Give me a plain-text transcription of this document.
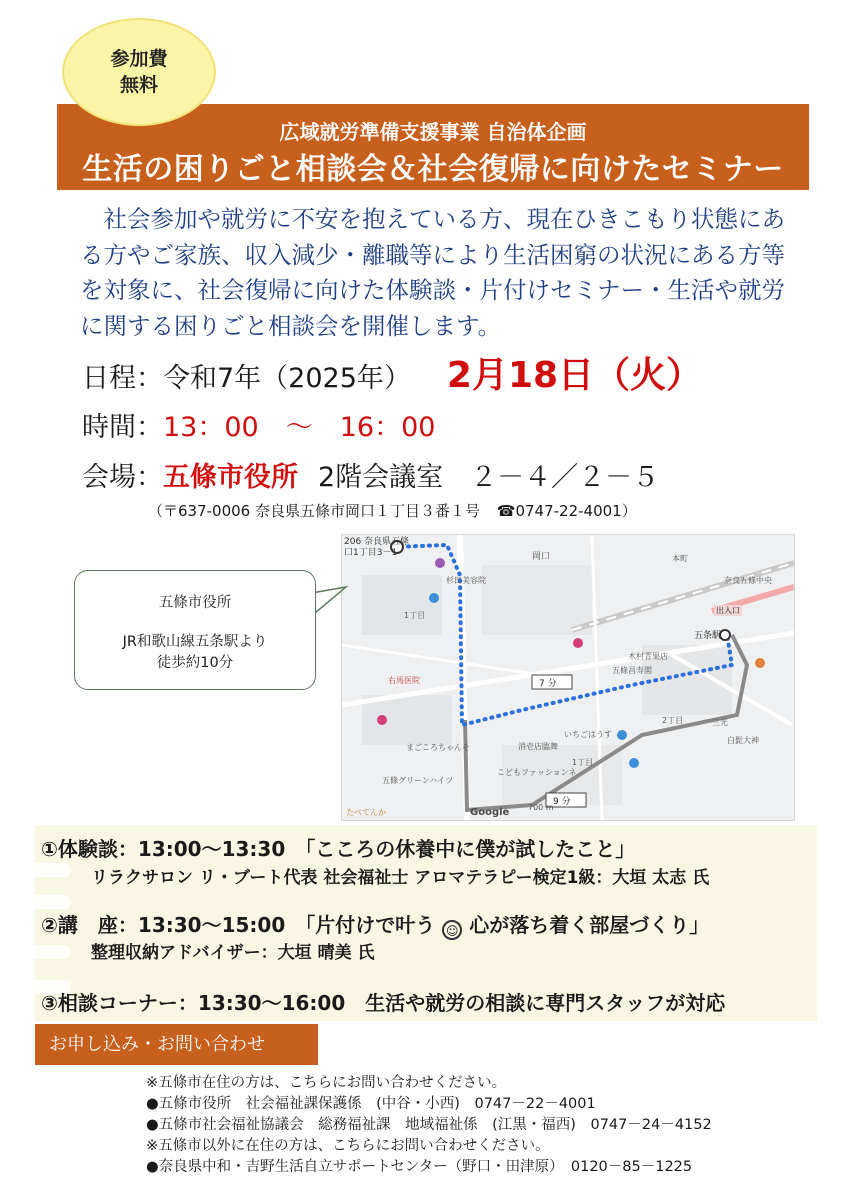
参加費
無料
広域就労準備支援事業 自治体企画
生活の困りごと相談会＆社会復帰に向けたセミナー
社会参加や就労に不安を抱えている方、現在ひきこもり状態にある方やご家族、収入減少・離職等により生活困窮の状況にある方等を対象に、社会復帰に向けた体験談・片付けセミナー・生活や就労に関する困りごと相談会を開催します。
日程：令和7年（2025年） 2月18日（火）
時間：13：00　～　16：00
会場：五條市役所 2階会議室　２－４／２－５
（〒637-0006 奈良県五條市岡口１丁目３番１号 ☎0747-22-4001）
206 奈良県五條
口1丁目3－1
7 分
9 分
700 m
五条駅
出入口
岡口
杉田美容院
1丁目
右馬医院
いちごはうす
消壱店臨舞
こどもファッションネ
まごころちゃんそ
五條グリーンハイツ
たべてんか
本町
木村青果店
奈良五條中央
五條昌寿閣
三光
2丁目
1丁目
白髭大神
Google
五條市役所
JR和歌山線五条駅より
徒歩約10分
①体験談：13:00～13:30　「こころの休養中に僕が試したこと」
リラクサロン リ・ブート代表 社会福祉士 アロマテラピー検定1級：大垣 太志 氏
②講　座：13:30～15:00　「片付けで叶う ☺ 心が落ち着く部屋づくり」
整理収納アドバイザー：大垣 晴美 氏
③相談コーナー：13:30～16:00　生活や就労の相談に専門スタッフが対応
お申し込み・お問い合わせ
※五條市在住の方は、こちらにお問い合わせください。
●五條市役所　社会福祉課保護係　(中谷・小西)　0747－22－4001
●五條市社会福祉協議会　総務福祉課　地域福祉係　(江黒・福西)　0747－24－4152
※五條市以外に在住の方は、こちらにお問い合わせください。
●奈良県中和・吉野生活自立サポートセンター（野口・田津原）　0120－85－1225
